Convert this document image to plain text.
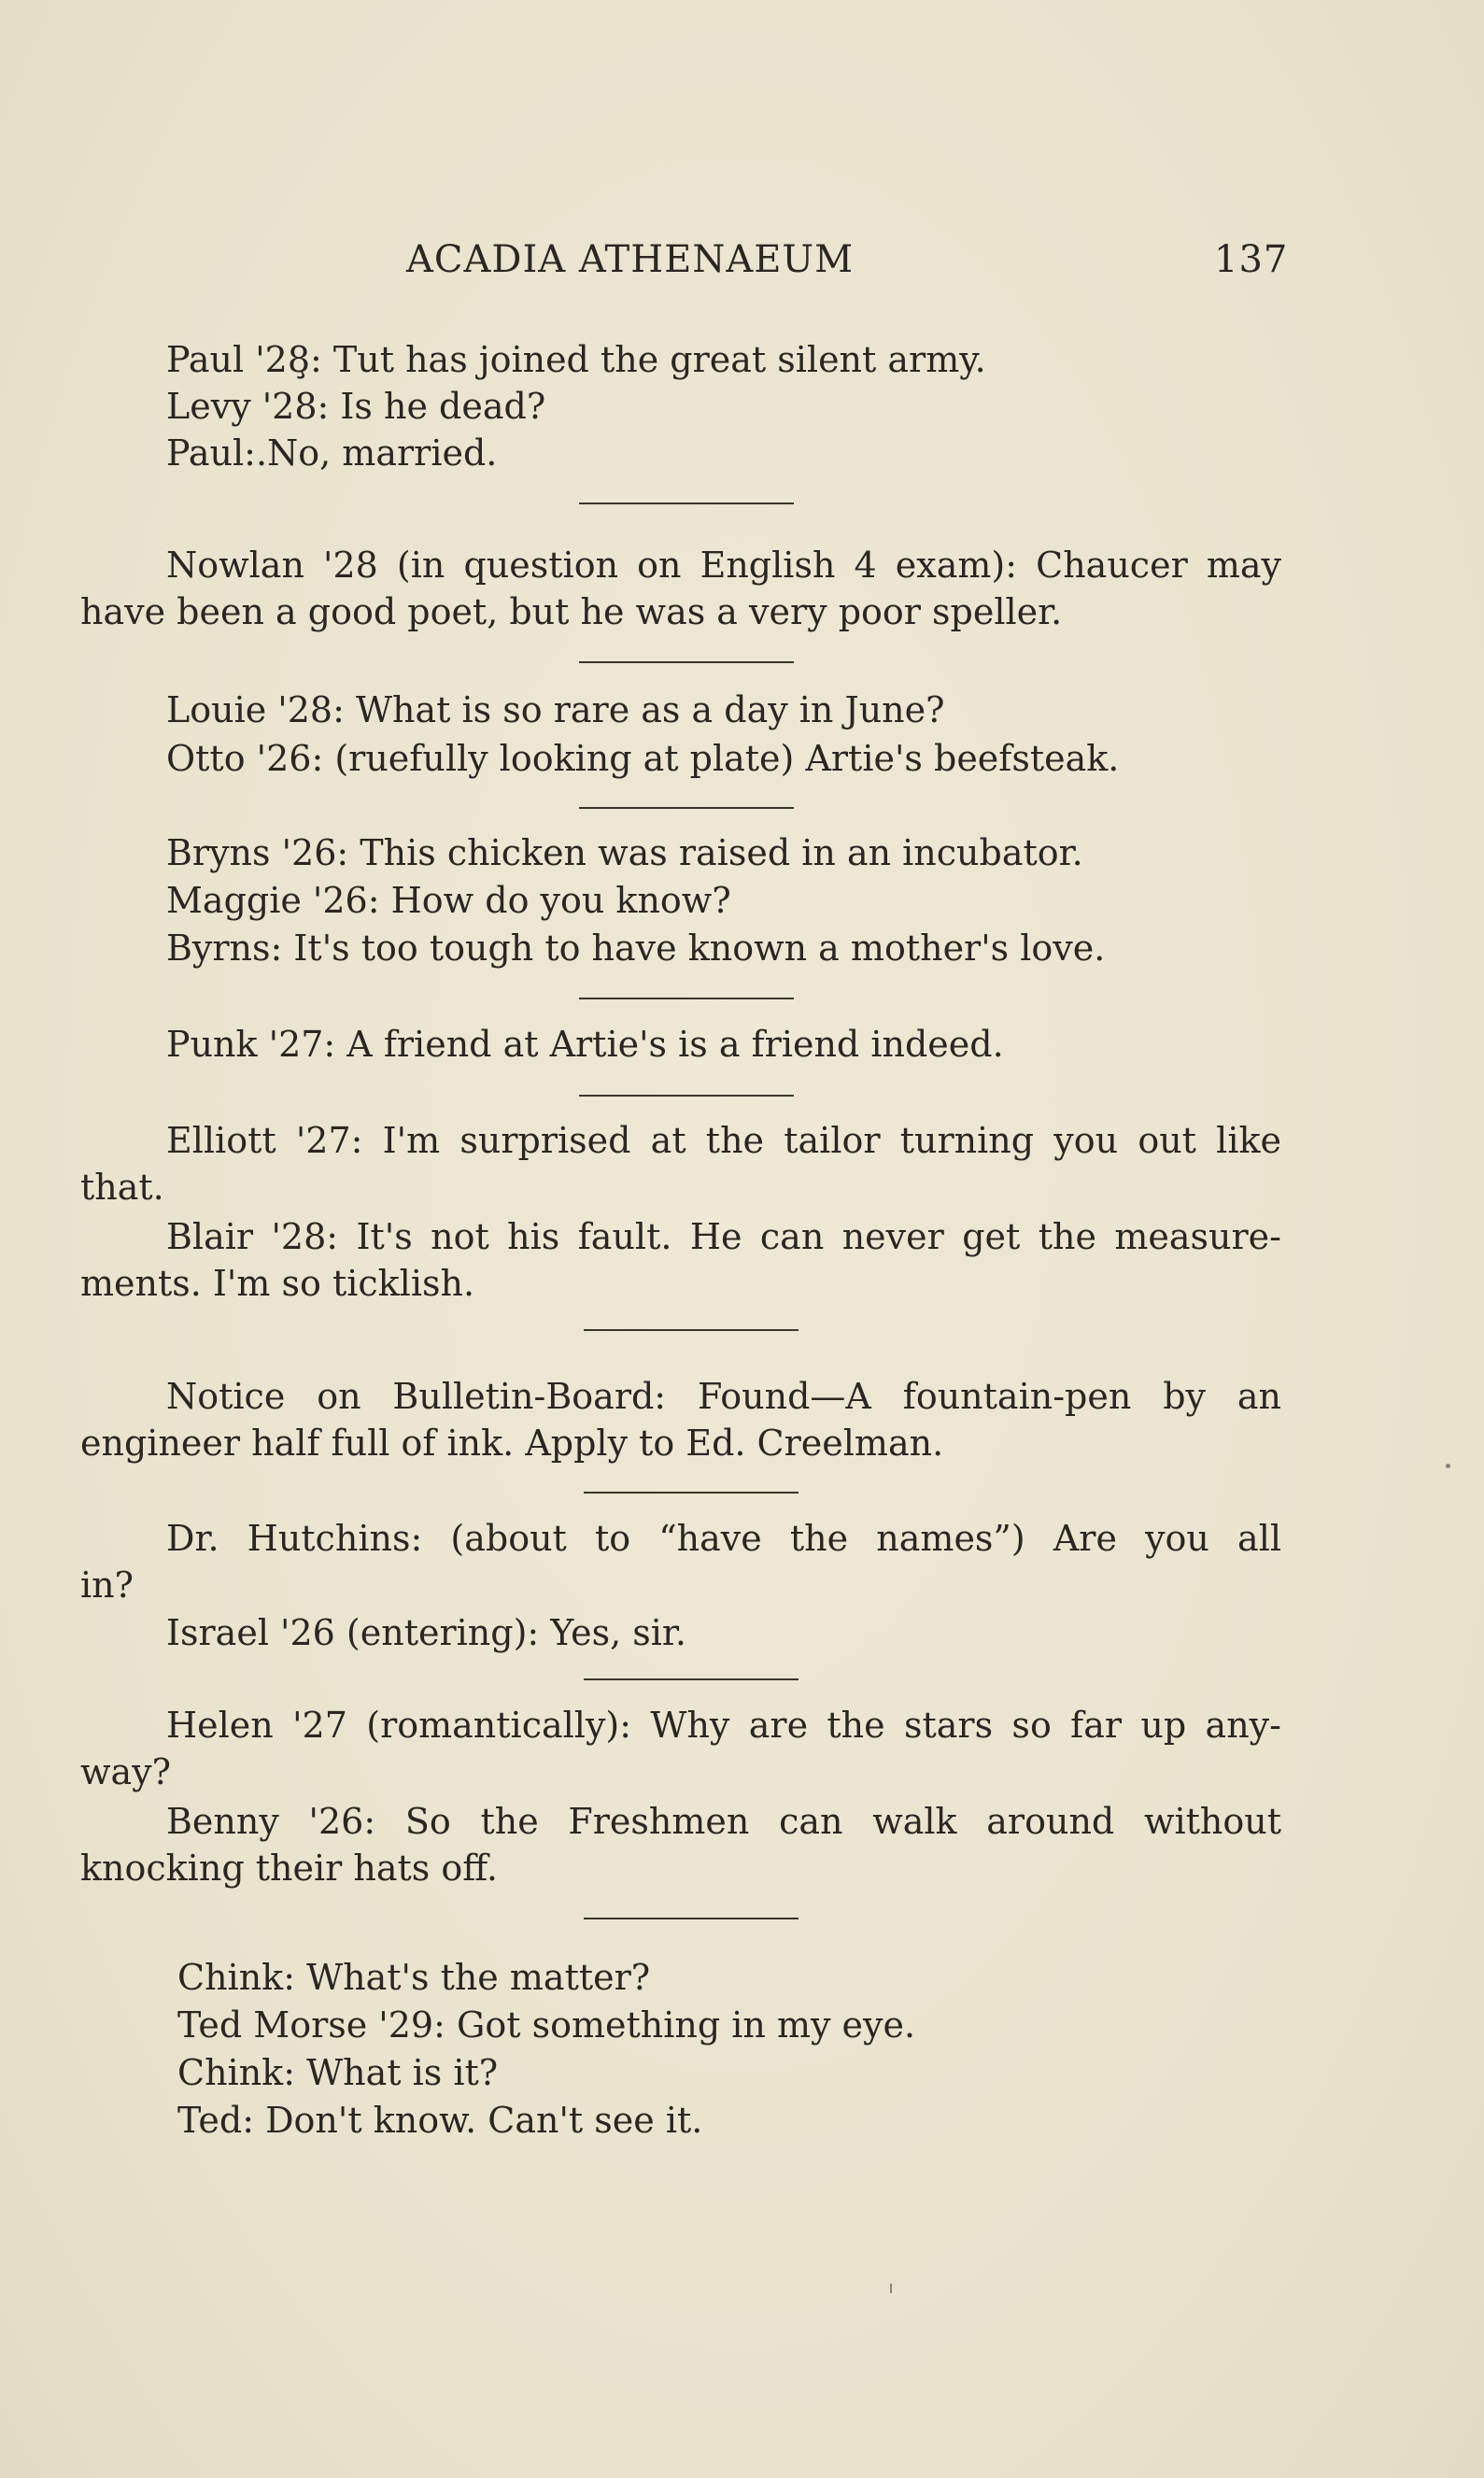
ACADIA ATHENAEUM	137
Paul '28̧: Tut has joined the great silent army.
Levy '28: Is he dead?
Paul:.No, married.
Nowlan '28 (in question on English 4 exam): Chaucer may
have been a good poet, but he was a very poor speller.
Louie '28: What is so rare as a day in June?
Otto '26: (ruefully looking at plate) Artie's beefsteak.
Bryns '26: This chicken was raised in an incubator.
Maggie '26: How do you know?
Byrns: It's too tough to have known a mother's love.
Punk '27: A friend at Artie's is a friend indeed.
Elliott '27: I'm surprised at the tailor turning you out like
that.
Blair '28: It's not his fault. He can never get the measure-
ments. I'm so ticklish.
Notice on Bulletin-Board: Found—A fountain-pen by an
engineer half full of ink. Apply to Ed. Creelman.
Dr. Hutchins: (about to “have the names”) Are you all
in?
Israel '26 (entering): Yes, sir.
Helen '27 (romantically): Why are the stars so far up any-
way?
Benny '26: So the Freshmen can walk around without
knocking their hats off.
Chink: What's the matter?
Ted Morse '29: Got something in my eye.
Chink: What is it?
Ted: Don't know. Can't see it.
